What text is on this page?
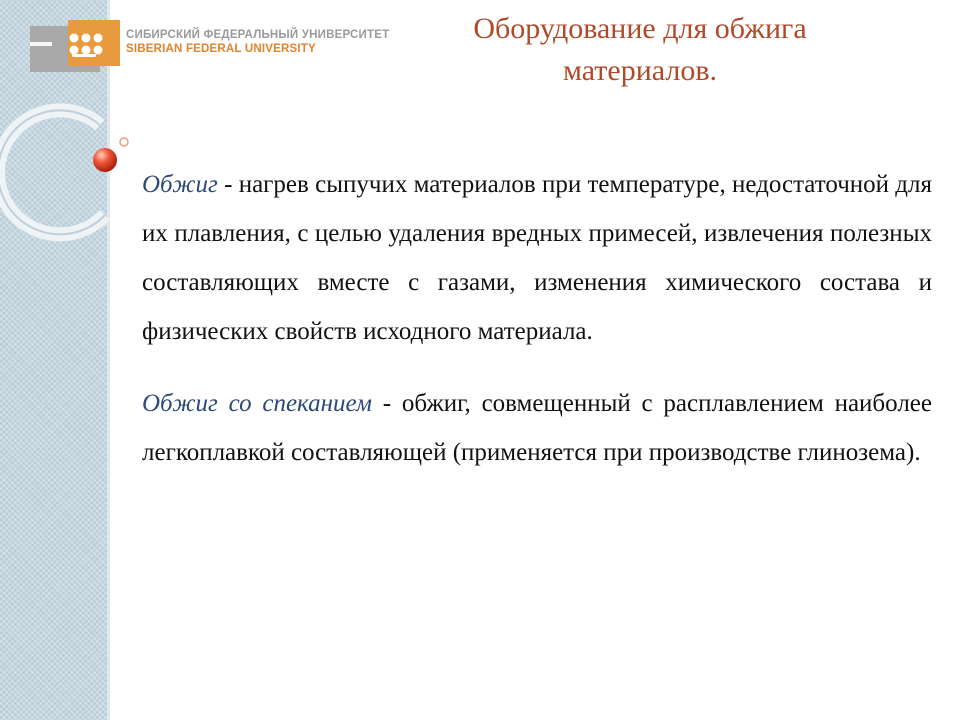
СИБИРСКИЙ ФЕДЕРАЛЬНЫЙ УНИВЕРСИТЕТ
SIBERIAN FEDERAL UNIVERSITY
Оборудование для обжига
материалов.

Обжиг - нагрев сыпучих материалов при температуре, недостаточной для их плавления, с целью удаления вредных примесей, извлечения полезных составляющих вместе с газами, изменения химического состава и физических свойств исходного материала.

Обжиг со спеканием - обжиг, совмещенный с расплавлением наиболее легкоплавкой составляющей (применяется при производстве глинозема).
